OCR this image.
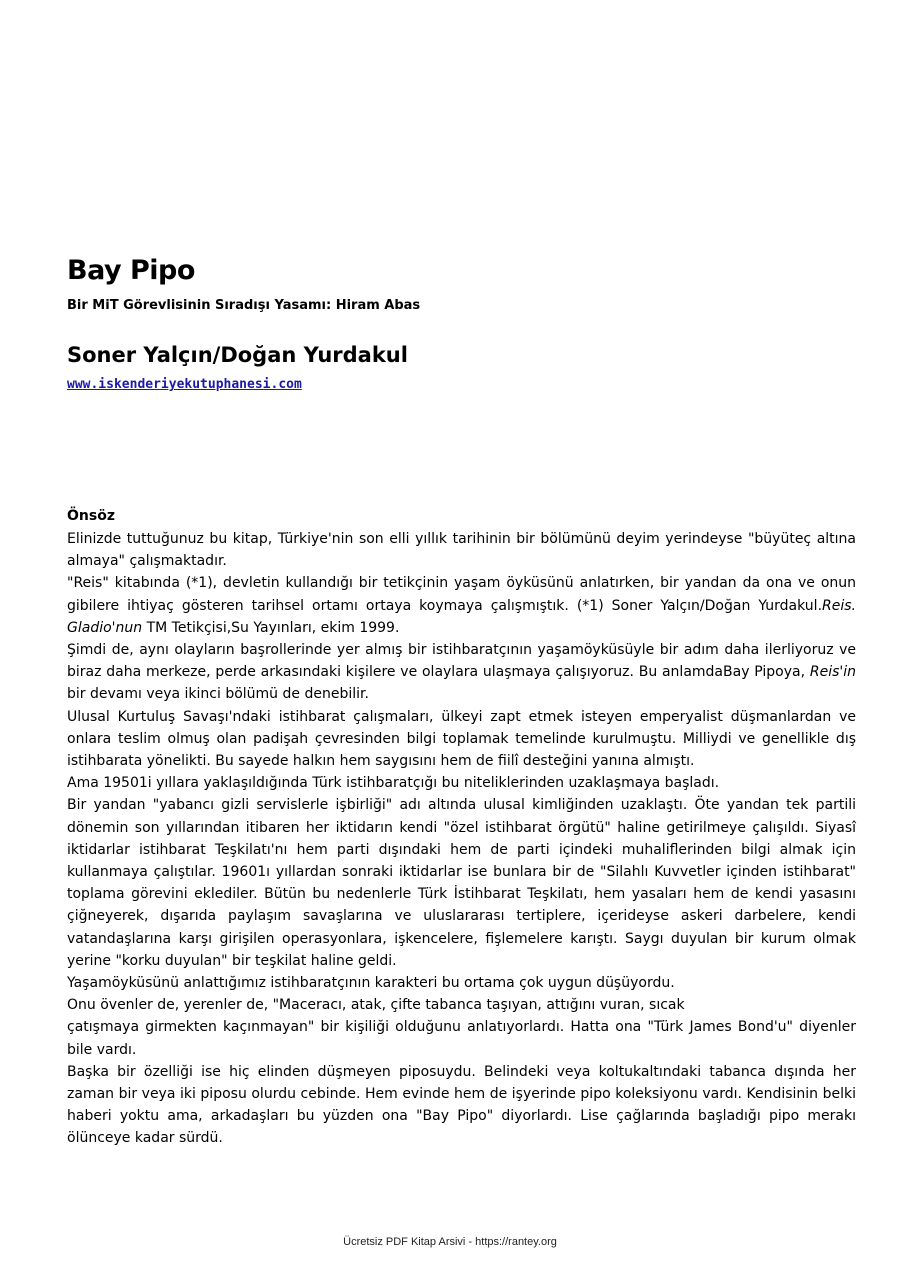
Bay Pipo
Bir MiT Görevlisinin Sıradışı Yasamı: Hiram Abas
Soner Yalçın/Doğan Yurdakul
www.iskenderiyekutuphanesi.com
Önsöz

Elinizde tuttuğunuz bu kitap, Türkiye'nin son elli yıllık tarihinin bir bölümünü deyim yerindeyse "büyüteç altına almaya" çalışmaktadır.

"Reis" kitabında (*1), devletin kullandığı bir tetikçinin yaşam öyküsünü anlatırken, bir yandan da ona ve onun gibilere ihtiyaç gösteren tarihsel ortamı ortaya koymaya çalışmıştık. (*1) Soner Yalçın/Doğan Yurdakul.Reis. Gladio'nun TM Tetikçisi,Su Yayınları, ekim 1999.

Şimdi de, aynı olayların başrollerinde yer almış bir istihbaratçının yaşamöyküsüyle bir adım daha ilerliyoruz ve biraz daha merkeze, perde arkasındaki kişilere ve olaylara ulaşmaya çalışıyoruz. Bu anlamdaBay Pipoya, Reis'in bir devamı veya ikinci bölümü de denebilir.

Ulusal Kurtuluş Savaşı'ndaki istihbarat çalışmaları, ülkeyi zapt etmek isteyen emperyalist düşmanlardan ve onlara teslim olmuş olan padişah çevresinden bilgi toplamak temelinde kurulmuştu. Milliydi ve genellikle dış istihbarata yönelikti. Bu sayede halkın hem saygısını hem de fiilî desteğini yanına almıştı.

Ama 19501i yıllara yaklaşıldığında Türk istihbaratçığı bu niteliklerinden uzaklaşmaya başladı.

Bir yandan "yabancı gizli servislerle işbirliği" adı altında ulusal kimliğinden uzaklaştı. Öte yandan tek partili dönemin son yıllarından itibaren her iktidarın kendi "özel istihbarat örgütü" haline getirilmeye çalışıldı. Siyasî iktidarlar istihbarat Teşkilatı'nı hem parti dışındaki hem de parti içindeki muhaliflerinden bilgi almak için kullanmaya çalıştılar. 19601ı yıllardan sonraki iktidarlar ise bunlara bir de "Silahlı Kuvvetler içinden istihbarat" toplama görevini eklediler. Bütün bu nedenlerle Türk İstihbarat Teşkilatı, hem yasaları hem de kendi yasasını çiğneyerek, dışarıda paylaşım savaşlarına ve uluslararası tertiplere, içerideyse askeri darbelere, kendi vatandaşlarına karşı girişilen operasyonlara, işkencelere, fişlemelere karıştı. Saygı duyulan bir kurum olmak yerine "korku duyulan" bir teşkilat haline geldi.

Yaşamöyküsünü anlattığımız istihbaratçının karakteri bu ortama çok uygun düşüyordu.

Onu övenler de, yerenler de, "Maceracı, atak, çifte tabanca taşıyan, attığını vuran, sıcak

çatışmaya girmekten kaçınmayan" bir kişiliği olduğunu anlatıyorlardı. Hatta ona "Türk James Bond'u" diyenler bile vardı.

Başka bir özelliği ise hiç elinden düşmeyen piposuydu. Belindeki veya koltukaltındaki tabanca dışında her zaman bir veya iki piposu olurdu cebinde. Hem evinde hem de işyerinde pipo koleksiyonu vardı. Kendisinin belki haberi yoktu ama, arkadaşları bu yüzden ona "Bay Pipo" diyorlardı. Lise çağlarında başladığı pipo merakı ölünceye kadar sürdü.

Ücretsiz PDF Kitap Arsivi - https://rantey.org
